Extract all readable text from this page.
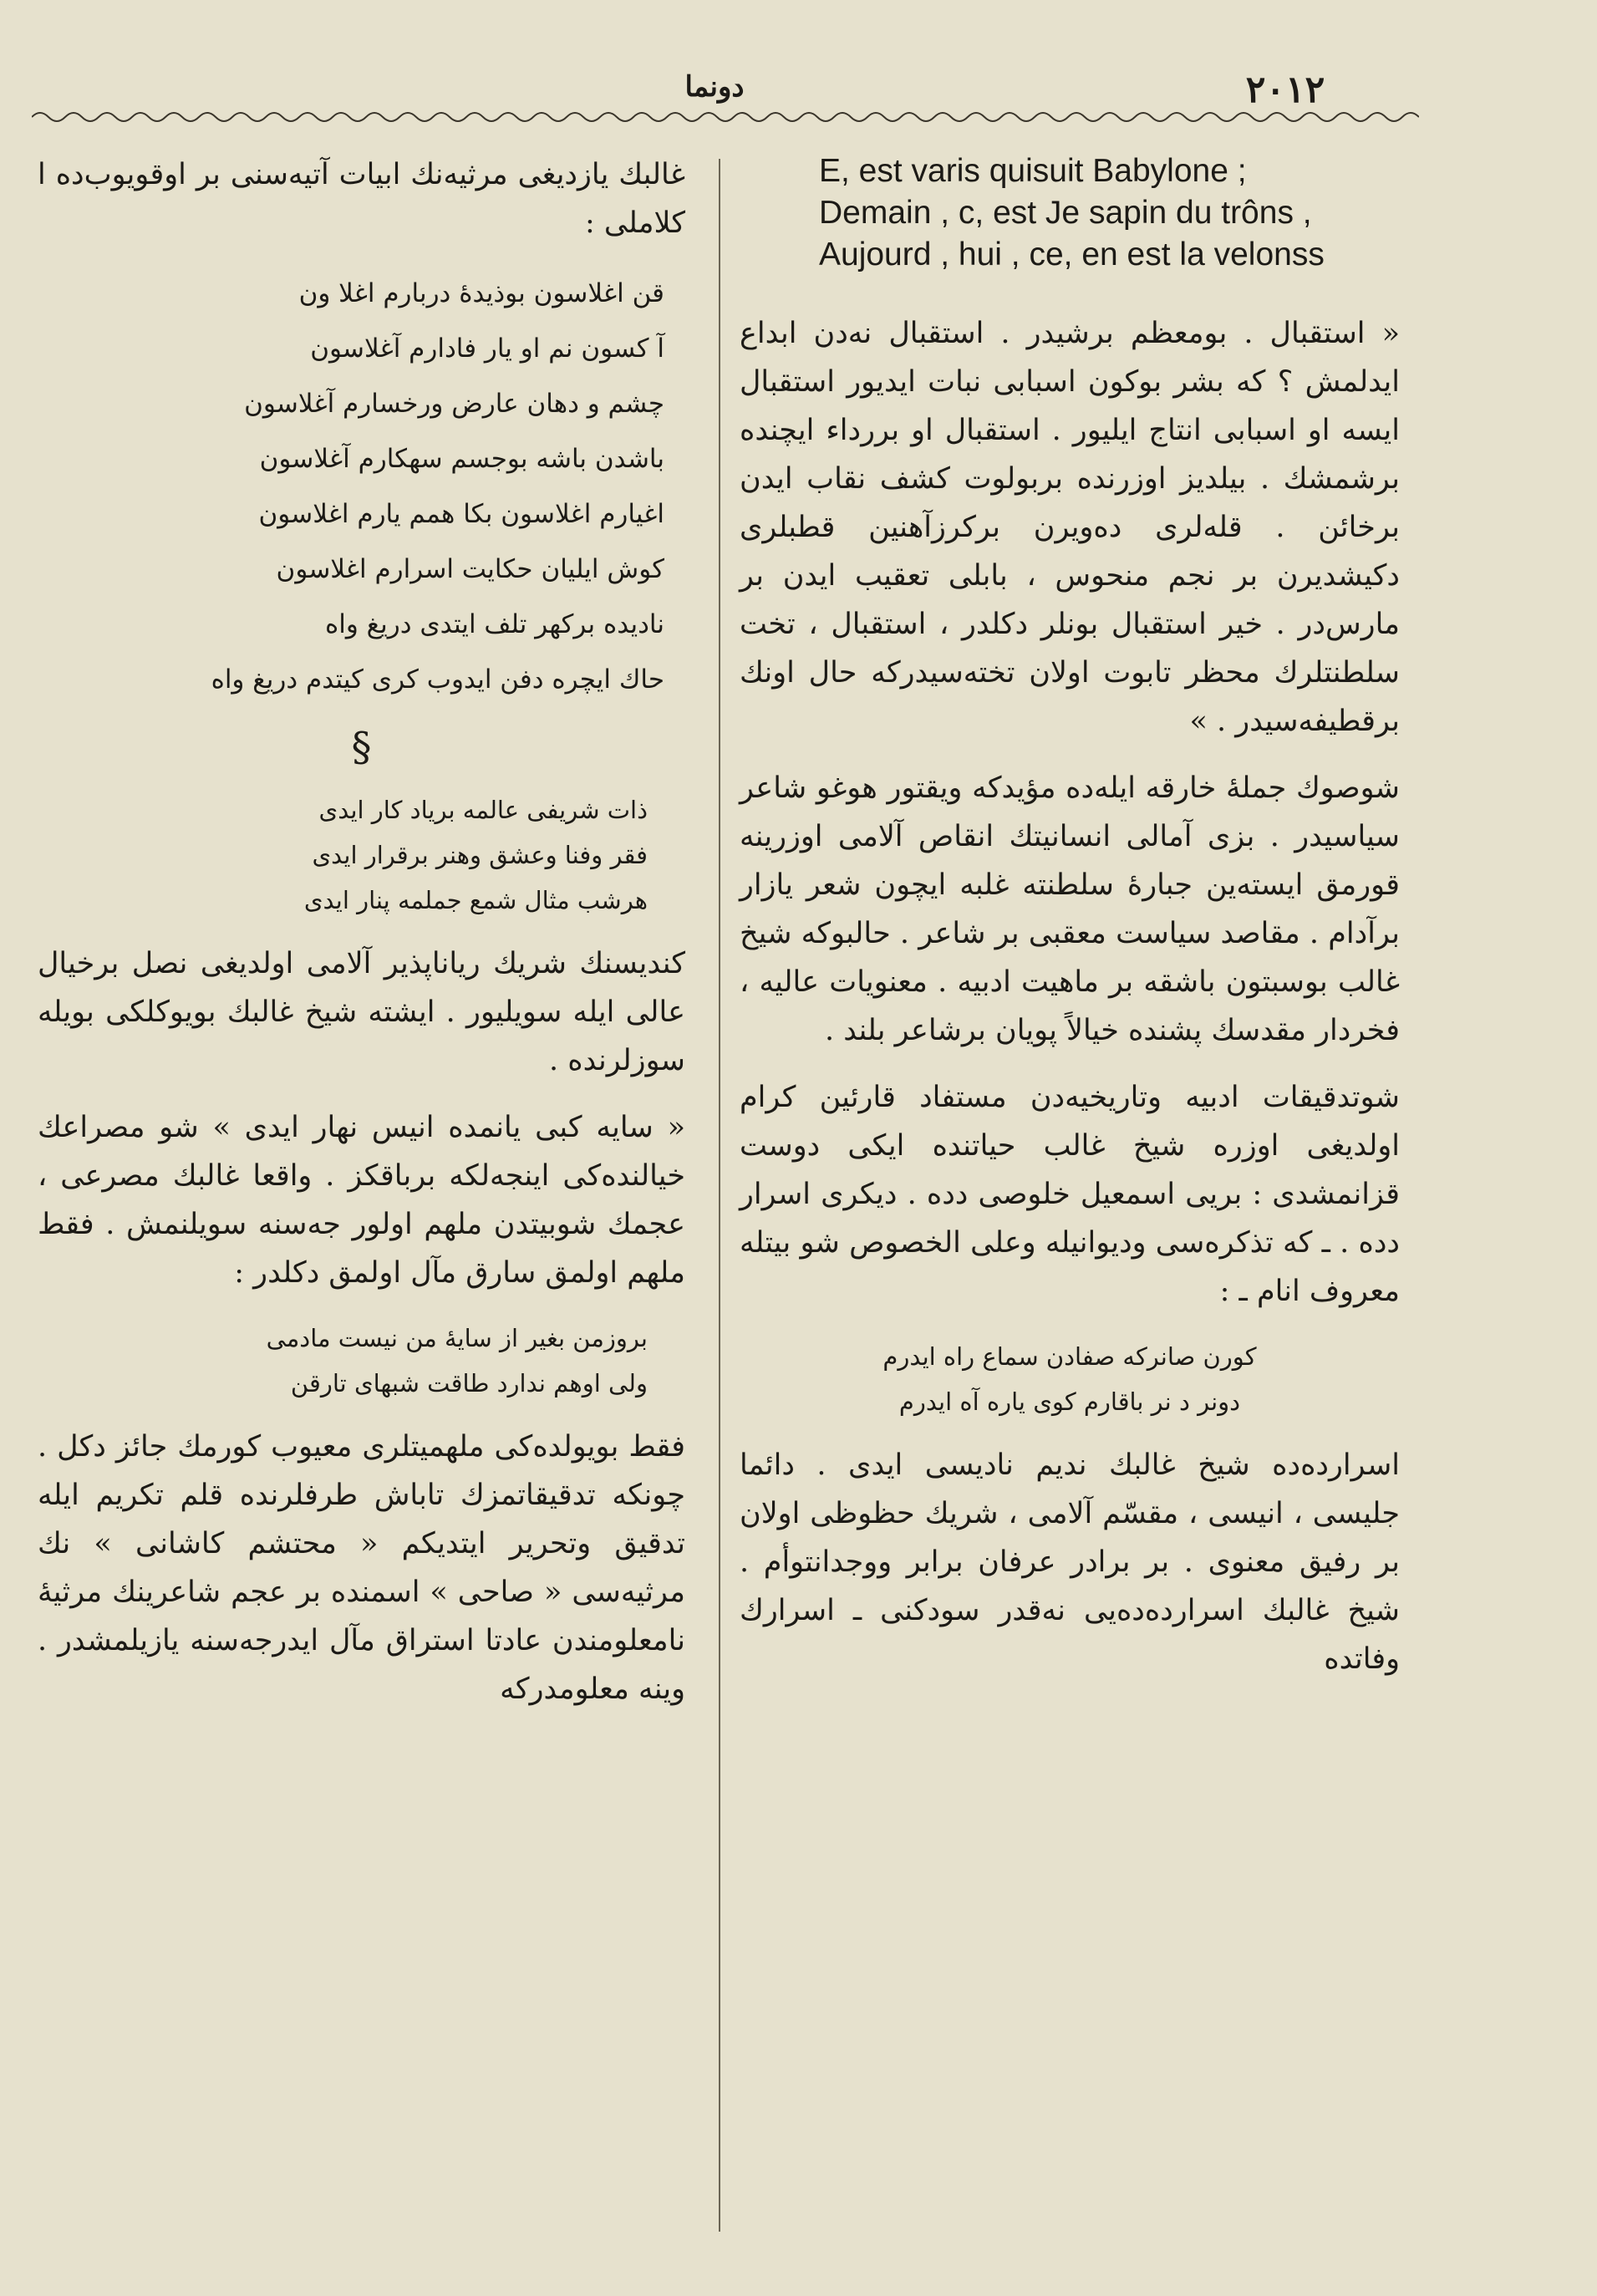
٢٠١٢
دونما
E, est varis quisuit Babylone ;
Demain , c, est Je sapin du trôns ,
Aujourd , hui , ce, en est la velonss

« استقبال . بومعظم برشيدر . استقبال نه‌دن ابداع ايدلمش ؟ كه بشر بوكون اسبابى نبات ايديور استقبال ايسه او اسبابى انتاج ايليور . استقبال او بررداء ايچنده برشمشك . بيلديز اوزرنده بربولوت كشف نقاب ايدن برخائن . قله‌لرى ده‌ويرن بركرزآهنين قطبلرى دكيشديرن بر نجم منحوس ، بابلى تعقيب ايدن بر مارس‌در . خير استقبال بونلر دكلدر ، استقبال ، تخت سلطنتلرك محظر تابوت اولان تخته‌سيدركه حال اونك برقطيفه‌سيدر . »

شوصوك جملهٔ خارقه ايله‌ده مؤيدكه ويقتور هوغو شاعر سياسيدر . بزى آمالى انسانيتك انقاص آلامى اوزرينه قورمق ايسته‌ين جبارهٔ سلطنته غلبه ايچون شعر يازار برآدام . مقاصد سياست معقبى بر شاعر . حالبوكه شيخ غالب بوسبتون باشقه بر ماهيت ادبيه . معنويات عاليه ، فخردار مقدسك پشنده خيالاً پويان برشاعر بلند .

شوتدقيقات ادبيه وتاريخيه‌دن مستفاد قارئين كرام اولديغى اوزره شيخ غالب حياتنده ايكى دوست قزانمشدى : بريى اسمعيل خلوصى دده . ديكرى اسرار دده . ـ كه تذكره‌سى وديوانيله وعلى الخصوص شو بيتله معروف انام ـ :

كورن صانركه صفادن سماع راه ايدرم
دونر د نر باقارم كوى ياره آه ايدرم

اسرارده‌ده شيخ غالبك نديم ناديسى ايدى . دائما جليسى ، انيسى ، مقسّم آلامى ، شريك حظوظى اولان بر رفيق معنوى . بر برادر عرفان برابر ووجدانتوأم . شيخ غالبك اسرارده‌ده‌يى نه‌قدر سودكنى ـ اسرارك وفاتده

غالبك يازديغى مرثيه‌نك ابيات آتيه‌سنى بر اوقويوب‌ده ا كلاملى :

قن اغلاسون بوذيدهٔ دربارم اغلا ون
آ كسون نم او يار فادارم آغلاسون
چشم و دهان عارض ورخسارم آغلاسون
باشدن باشه بوجسم سهكارم آغلاسون
اغيارم اغلاسون بكا همم يارم اغلاسون
كوش ايليان حكايت اسرارم اغلاسون
ناديده بركهر تلف ايتدى دريغ واه
حاك ايچره دفن ايدوب كرى كيتدم دريغ واه
§
ذات شريفى عالمه برياد كار ايدى
فقر وفنا وعشق وهنر برقرار ايدى
هرشب مثال شمع جملمه پنار ايدى

كنديسنك شريك رياناپذير آلامى اولديغى نصل برخيال عالى ايله سويليور . ايشته شيخ غالبك بويوكلكى بويله سوزلرنده .

« سايه كبى يانمده انيس نهار ايدى » شو مصراعك خيالنده‌كى اينجه‌لكه برباقكز . واقعا غالبك مصرعى ، عجمك شوبيتدن ملهم اولور جه‌سنه سويلنمش . فقط ملهم اولمق سارق مآل اولمق دكلدر :

بروزمن بغير از سايهٔ من نيست مادمى
ولى اوهم ندارد طاقت شبهاى تارقن

فقط بويولده‌كى ملهميتلرى معيوب كورمك جائز دكل . چونكه تدقيقاتمزك تاباش طرفلرنده قلم تكريم ايله تدقيق وتحرير ايتديكم « محتشم كاشانى » نك مرثيه‌سى « صاحى » اسمنده بر عجم شاعرينك مرثيهٔ نامعلومندن عادتا استراق مآل ايدرجه‌سنه يازيلمشدر . وينه معلومدركه
